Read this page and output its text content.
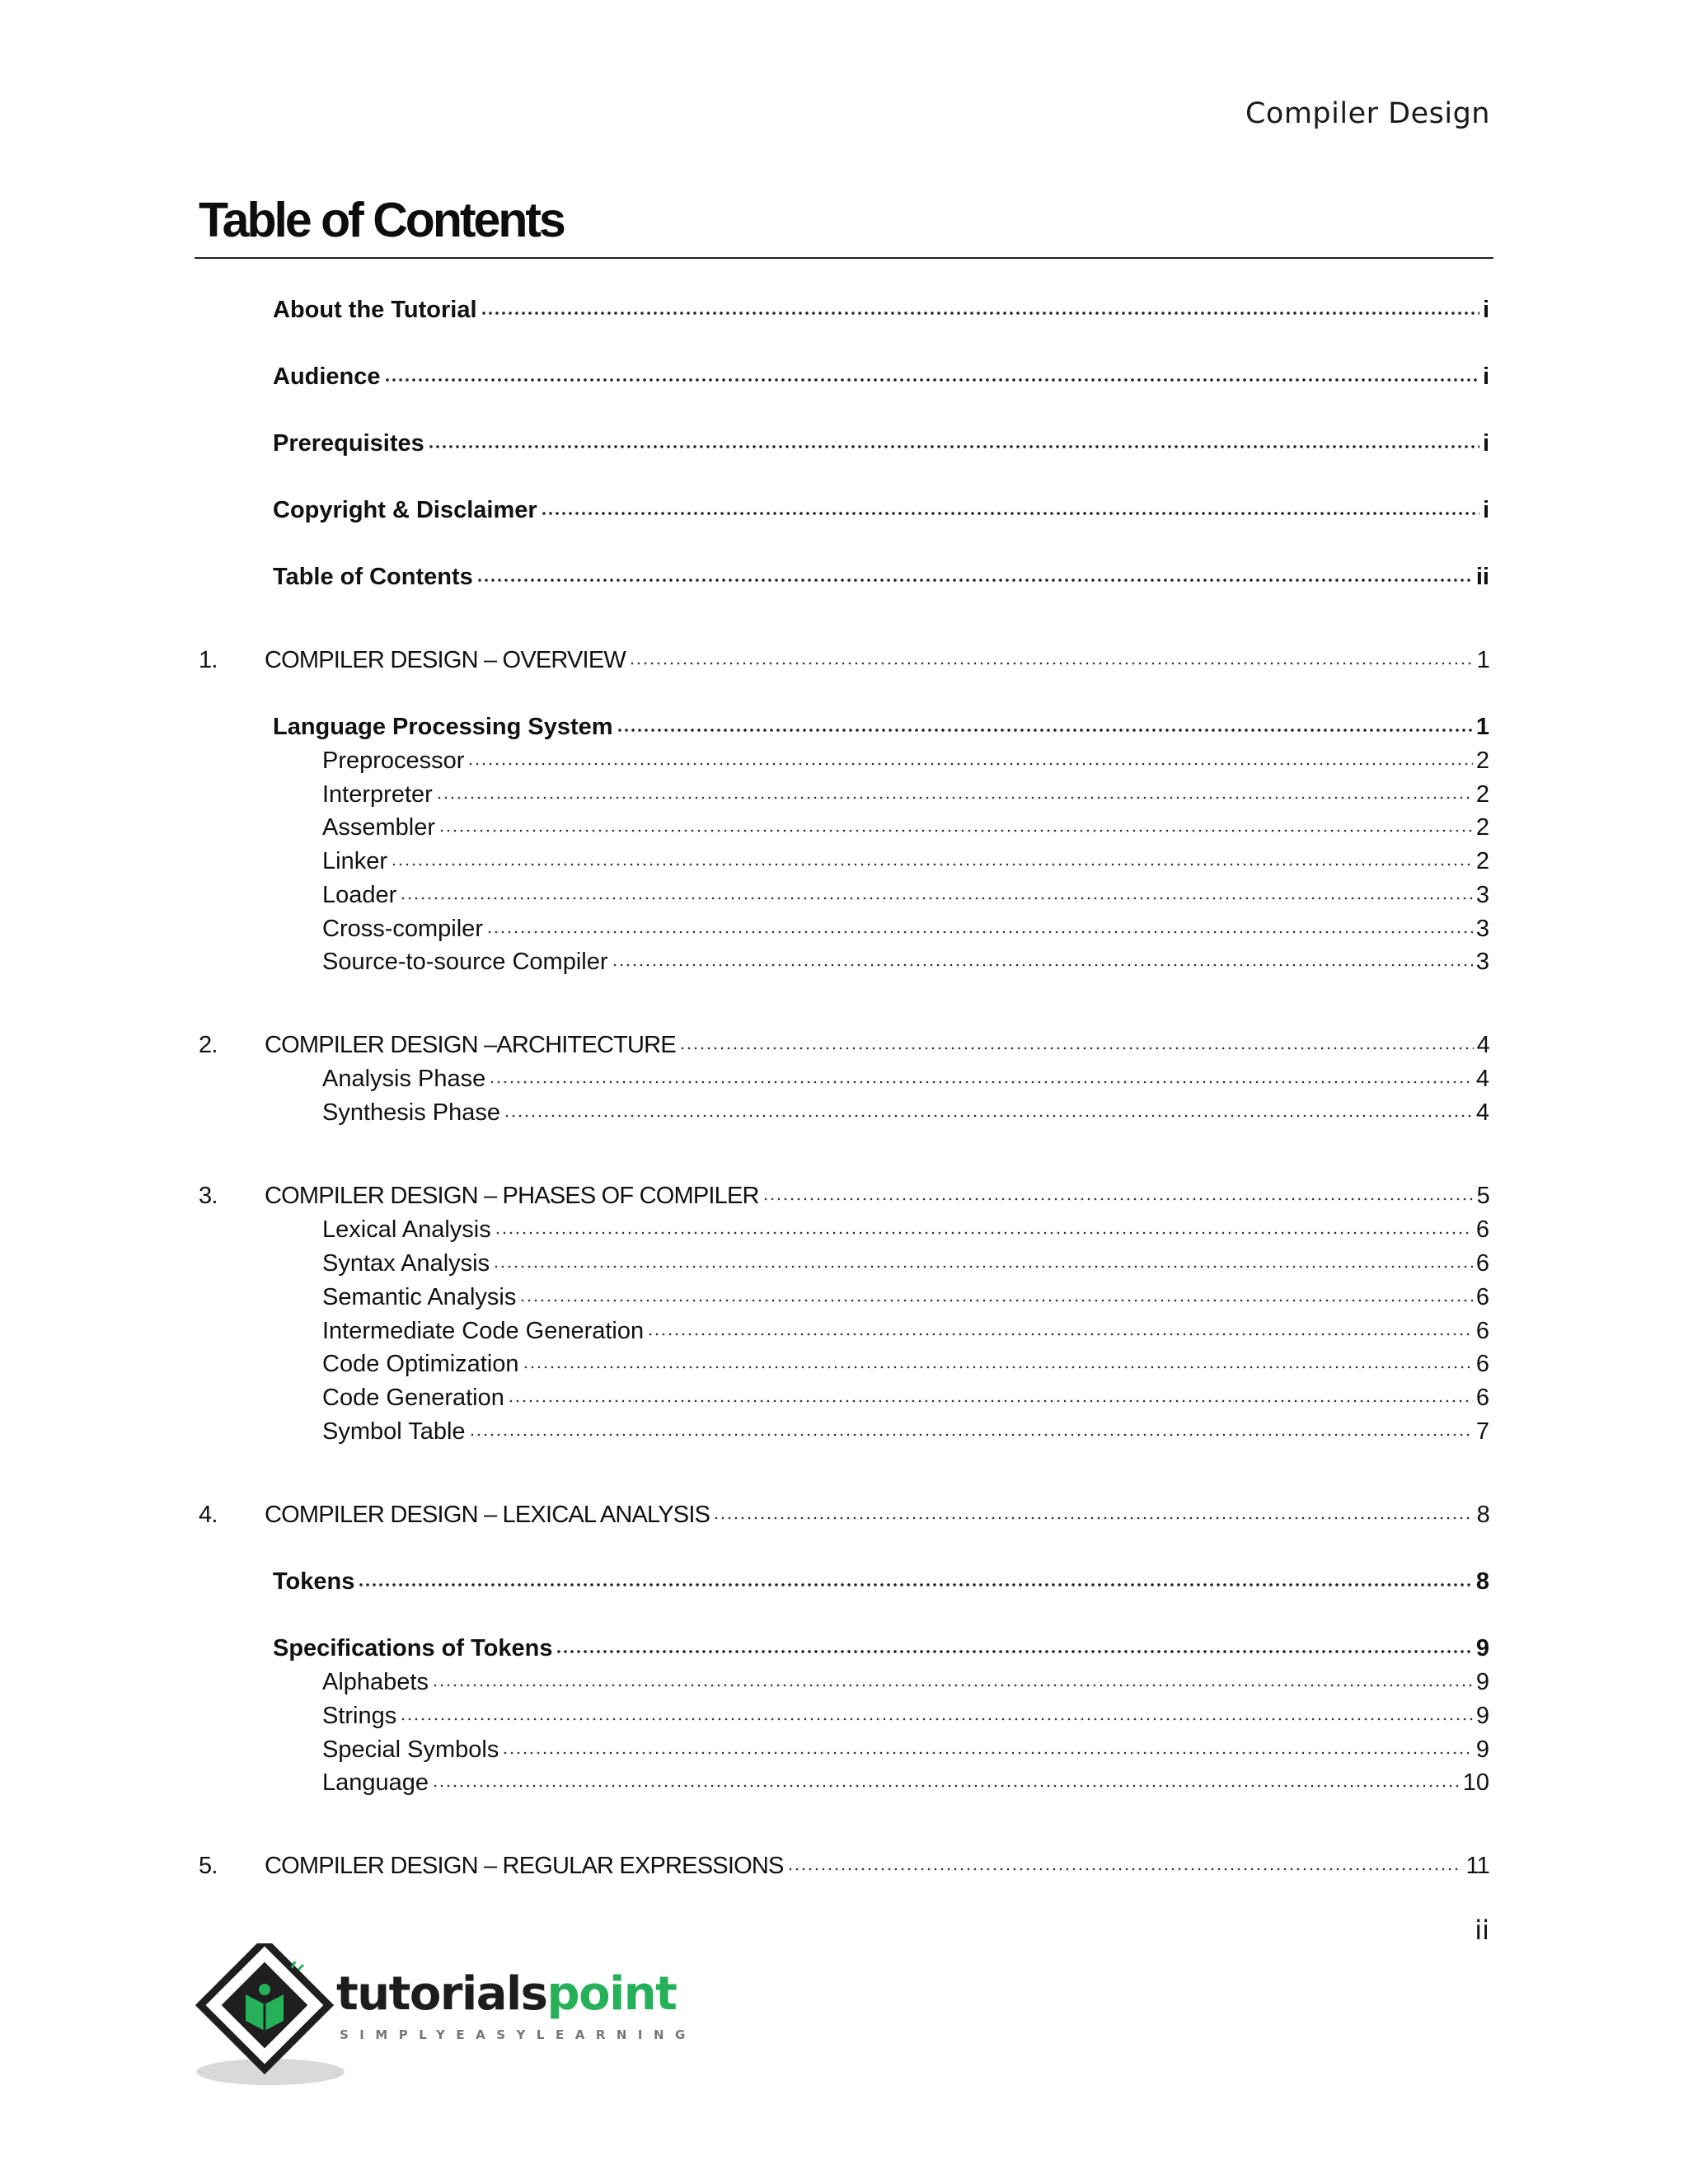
Compiler Design
Table of Contents
About the Tutorial	i
Audience	i
Prerequisites	i
Copyright & Disclaimer	i
Table of Contents	ii
1. COMPILER DESIGN – OVERVIEW	1
Language Processing System	1
Preprocessor	2
Interpreter	2
Assembler	2
Linker	2
Loader	3
Cross-compiler	3
Source-to-source Compiler	3
2. COMPILER DESIGN –ARCHITECTURE	4
Analysis Phase	4
Synthesis Phase	4
3. COMPILER DESIGN – PHASES OF COMPILER	5
Lexical Analysis	6
Syntax Analysis	6
Semantic Analysis	6
Intermediate Code Generation	6
Code Optimization	6
Code Generation	6
Symbol Table	7
4. COMPILER DESIGN – LEXICAL ANALYSIS	8
Tokens	8
Specifications of Tokens	9
Alphabets	9
Strings	9
Special Symbols	9
Language	10
5. COMPILER DESIGN – REGULAR EXPRESSIONS	11
ii
tutorialspoint
SIMPLYEASYLEARNING
